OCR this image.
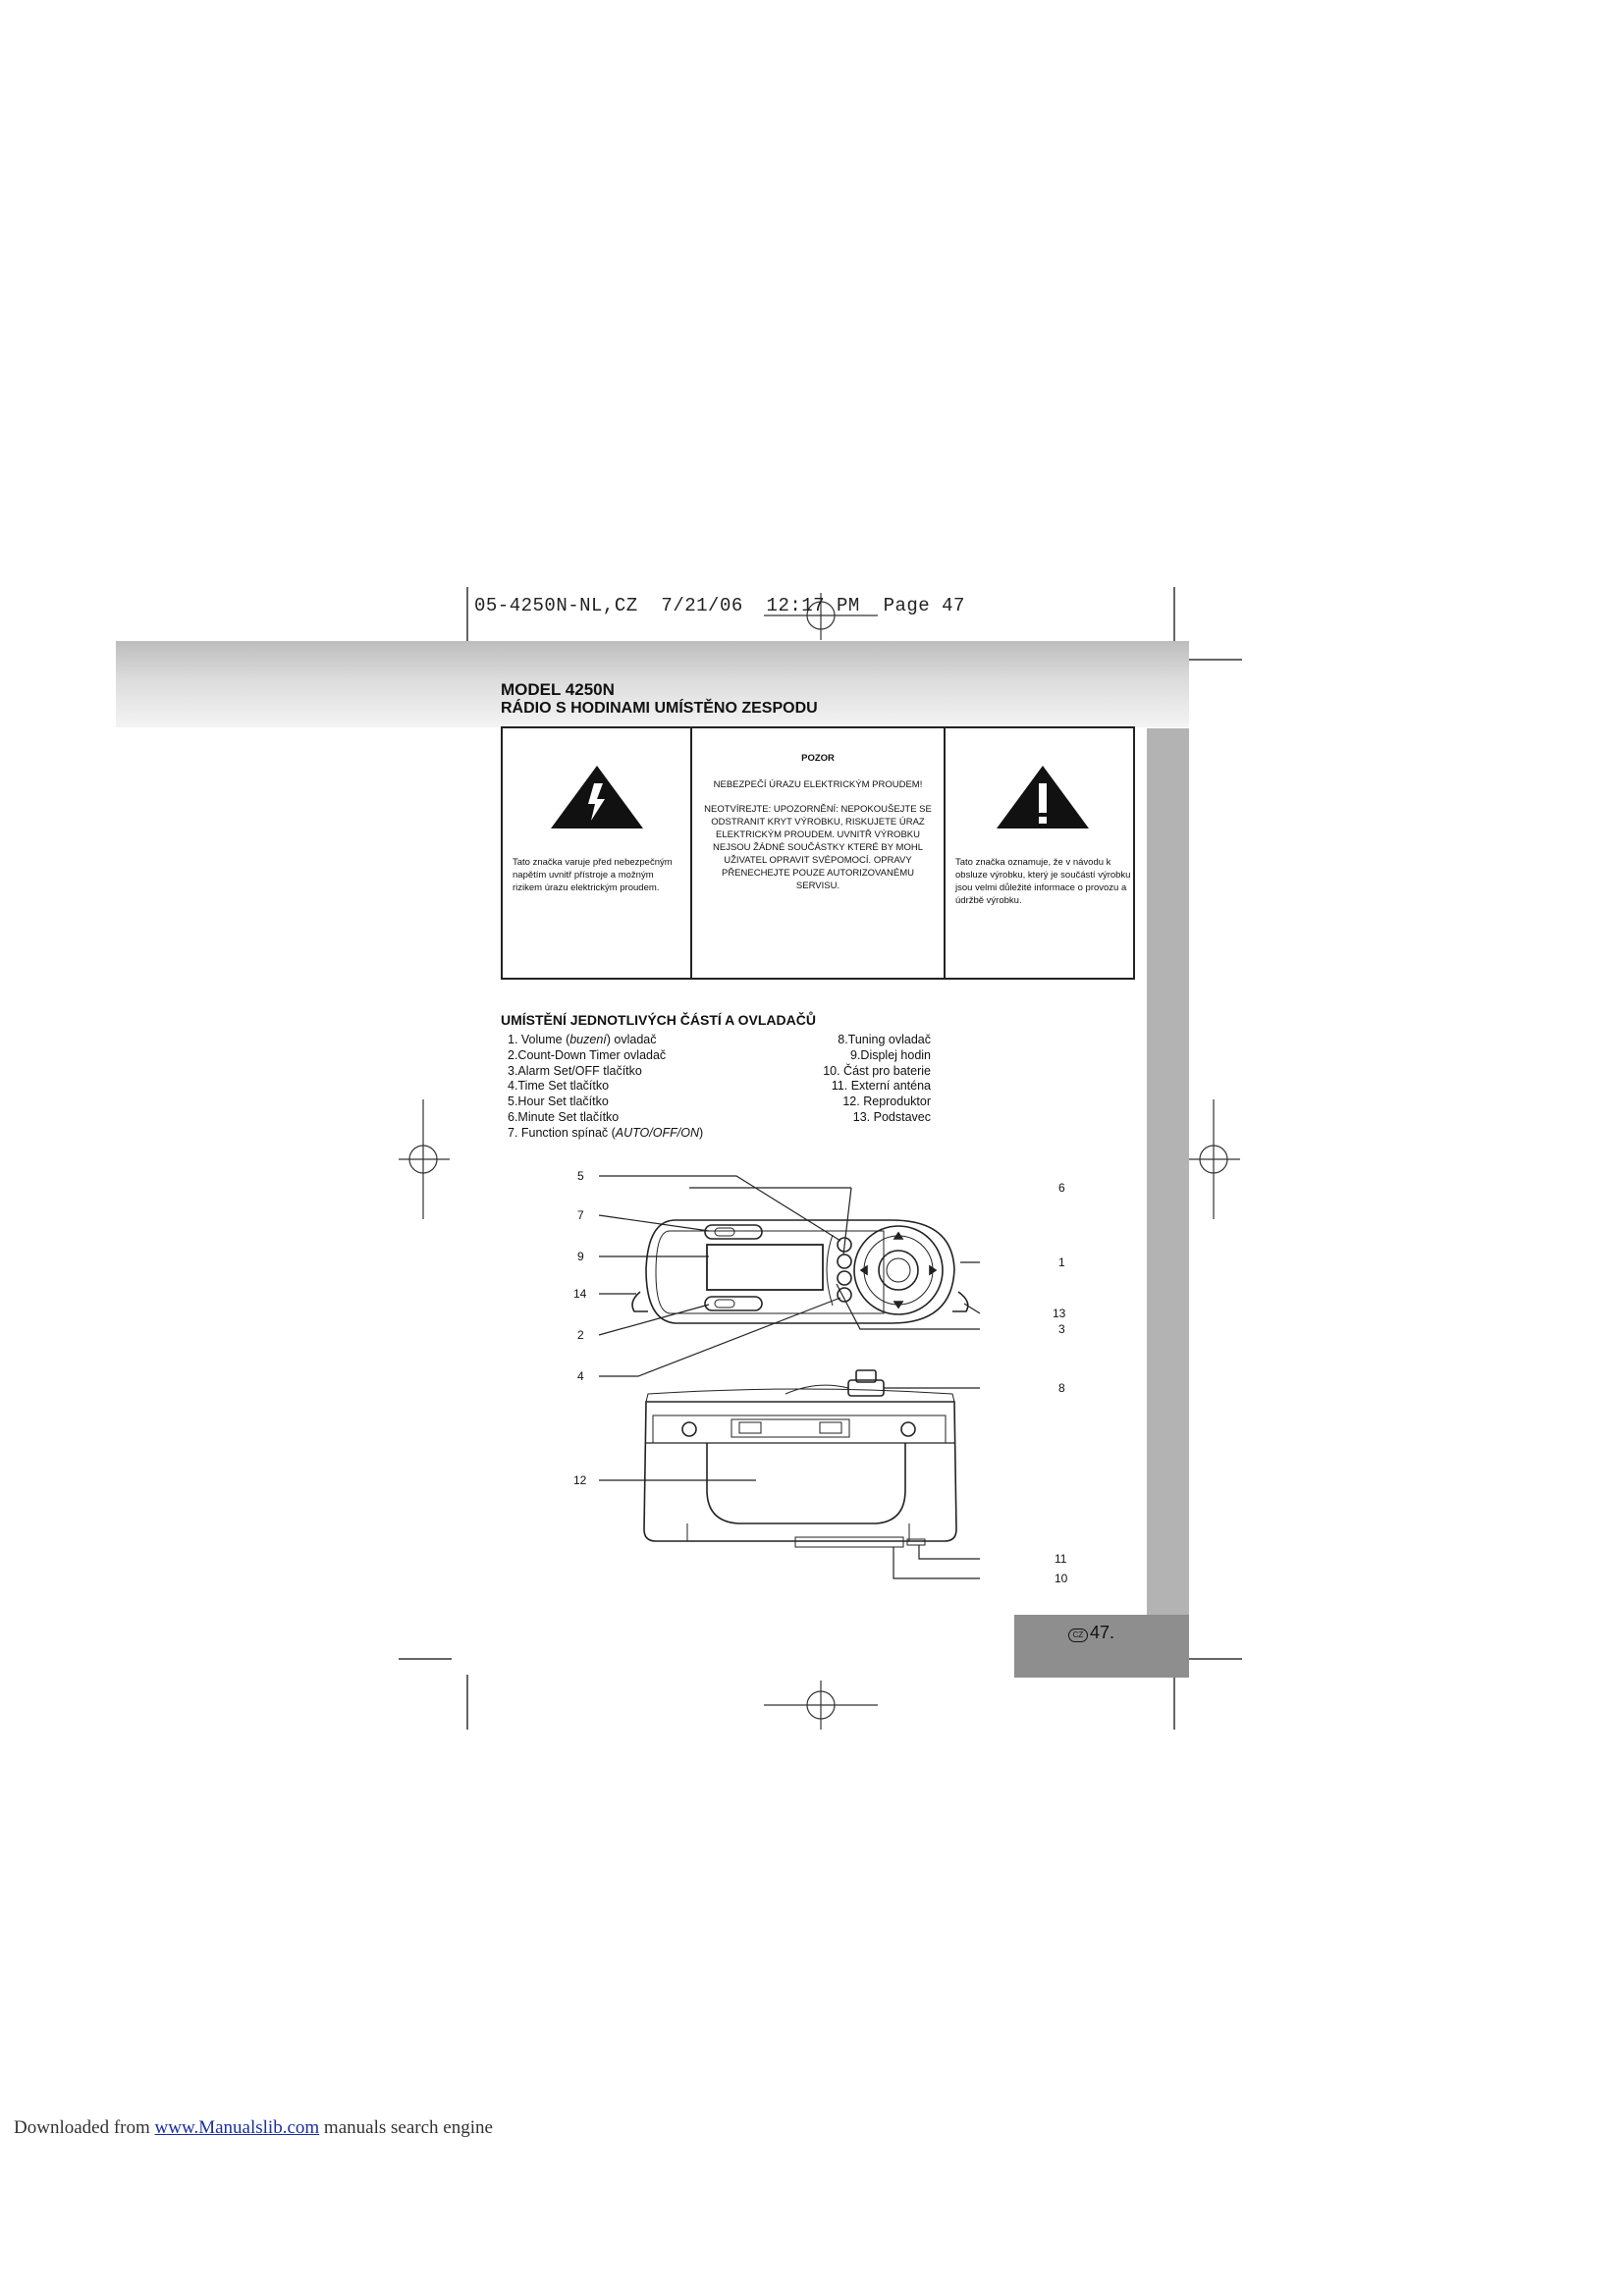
05-4250N-NL,CZ  7/21/06  12:17 PM  Page 47
CZ 47.
MODEL 4250N
RÁDIO S HODINAMI UMÍSTĚNO ZESPODU
Tato značka varuje před nebezpečným napětím uvnitř přístroje a možným rizikem úrazu elektrickým proudem.
Tato značka oznamuje, že v návodu k obsluze výrobku, který je součástí výrobku jsou velmi důležité informace o provozu a údržbě výrobku.
POZOR
NEBEZPEČÍ ÚRAZU ELEKTRICKÝM PROUDEM!
NEOTVÍREJTE: UPOZORNĚNÍ: NEPOKOUŠEJTE SE ODSTRANIT KRYT VÝROBKU, RISKUJETE ÚRAZ ELEKTRICKÝM PROUDEM. UVNITŘ VÝROBKU NEJSOU ŽÁDNÉ SOUČÁSTKY KTERÉ BY MOHL UŽIVATEL OPRAVIT SVÉPOMOCÍ. OPRAVY PŘENECHEJTE POUZE AUTORIZOVANÉMU SERVISU.
UMÍSTĚNÍ JEDNOTLIVÝCH ČÁSTÍ A OVLADAČŮ
1. Volume (buzení) ovladač
2.Count-Down Timer ovladač
3.Alarm Set/OFF tlačítko
4.Time Set tlačítko
5.Hour Set tlačítko
6.Minute Set tlačítko
7. Function spínač (AUTO/OFF/ON)
8.Tuning ovladač
9.Displej hodin
10. Část pro baterie
11. Externí anténa
12. Reproduktor
13. Podstavec
5
6
7
9	1
14
13
2	3
4
8
12
11
10
Downloaded from www.Manualslib.com manuals search engine
